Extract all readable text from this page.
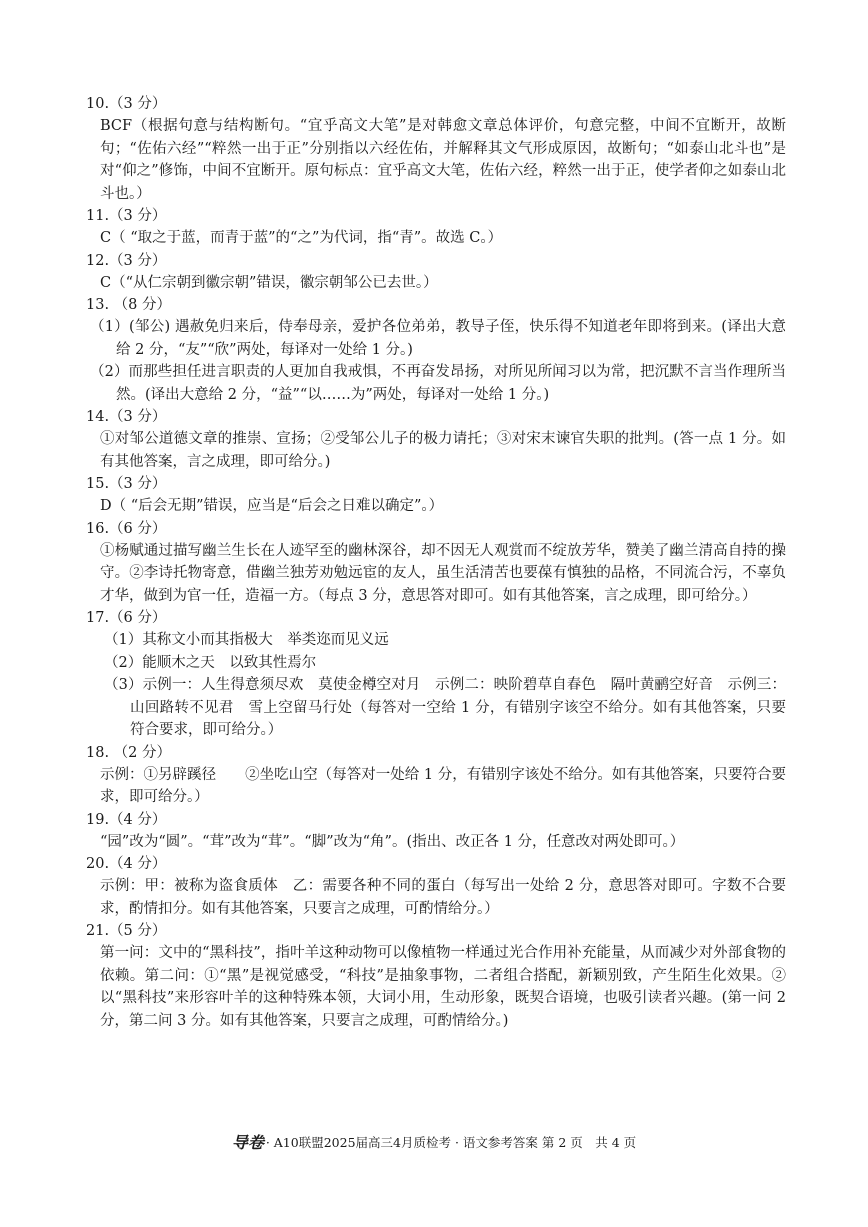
10.（3 分）
BCF（根据句意与结构断句。“宜乎高文大笔”是对韩愈文章总体评价，句意完整，中间不宜断开，故断句；“佐佑六经”“粹然一出于正”分别指以六经佐佑，并解释其文气形成原因，故断句；“如泰山北斗也”是对“仰之”修饰，中间不宜断开。原句标点：宜乎高文大笔，佐佑六经，粹然一出于正，使学者仰之如泰山北斗也。）
11.（3 分）
C（ “取之于蓝，而青于蓝”的“之”为代词，指“青”。故选 C。）
12.（3 分）
C（“从仁宗朝到徽宗朝”错误，徽宗朝邹公已去世。）
13. （8 分）
（1）(邹公) 遇赦免归来后，侍奉母亲，爱护各位弟弟，教导子侄，快乐得不知道老年即将到来。(译出大意给 2 分，“友”“欣”两处，每译对一处给 1 分。)
（2）而那些担任进言职责的人更加自我戒惧，不再奋发昂扬，对所见所闻习以为常，把沉默不言当作理所当然。(译出大意给 2 分，“益”“以……为”两处，每译对一处给 1 分。)
14.（3 分）
①对邹公道德文章的推崇、宣扬；②受邹公儿子的极力请托；③对宋末谏官失职的批判。(答一点 1 分。如有其他答案，言之成理，即可给分。)
15.（3 分）
D（ “后会无期”错误，应当是“后会之日难以确定”。）
16.（6 分）
①杨赋通过描写幽兰生长在人迹罕至的幽林深谷，却不因无人观赏而不绽放芳华，赞美了幽兰清高自持的操守。②李诗托物寄意，借幽兰独芳劝勉远宦的友人，虽生活清苦也要葆有慎独的品格，不同流合污，不辜负才华，做到为官一任，造福一方。（每点 3 分，意思答对即可。如有其他答案，言之成理，即可给分。）
17.（6 分）
（1）其称文小而其指极大　举类迩而见义远
（2）能顺木之天　以致其性焉尔
（3）示例一：人生得意须尽欢　莫使金樽空对月　示例二：映阶碧草自春色　隔叶黄鹂空好音　示例三：山回路转不见君　雪上空留马行处（每答对一空给 1 分，有错别字该空不给分。如有其他答案，只要符合要求，即可给分。）
18. （2 分）
示例：①另辟蹊径　　②坐吃山空（每答对一处给 1 分，有错别字该处不给分。如有其他答案，只要符合要求，即可给分。）
19.（4 分）
“园”改为“圆”。“茸”改为“茸”。“脚”改为“角”。(指出、改正各 1 分，任意改对两处即可。）
20.（4 分）
示例：甲：被称为盗食质体　乙：需要各种不同的蛋白（每写出一处给 2 分，意思答对即可。字数不合要求，酌情扣分。如有其他答案，只要言之成理，可酌情给分。）
21.（5 分）
第一问：文中的“黑科技”，指叶羊这种动物可以像植物一样通过光合作用补充能量，从而减少对外部食物的依赖。第二问：①“黑”是视觉感受，“科技”是抽象事物，二者组合搭配，新颖别致，产生陌生化效果。②以“黑科技”来形容叶羊的这种特殊本领，大词小用，生动形象，既契合语境，也吸引读者兴趣。(第一问 2 分，第二问 3 分。如有其他答案，只要言之成理，可酌情给分。)
导卷 · A10联盟2025届高三4月质检考 · 语文参考答案 第 2 页　共 4 页
